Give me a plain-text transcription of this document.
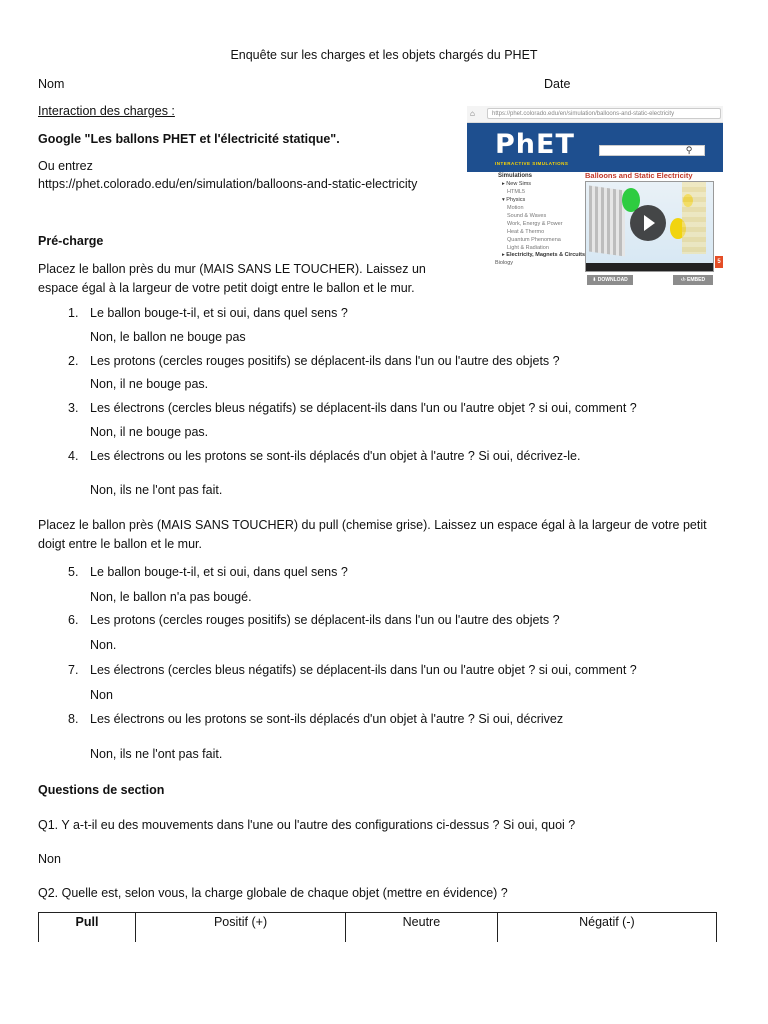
Enquête sur les charges et les objets chargés du PHET
Nom	Date
Interaction des charges :
Google "Les ballons PHET et l'électricité statique".
Ou entrez
https://phet.colorado.edu/en/simulation/balloons-and-static-electricity
Pré-charge
Placez le ballon près du mur (MAIS SANS LE TOUCHER). Laissez un espace égal à la largeur de votre petit doigt entre le ballon et le mur.
⌂	https://phet.colorado.edu/en/simulation/balloons-and-static-electricity
PhET
INTERACTIVE SIMULATIONS
⚲
Simulations
▸ New Sims
HTML5
▾ Physics
Motion
Sound & Waves
Work, Energy & Power
Heat & Thermo
Quantum Phenomena
Light & Radiation
▸ Electricity, Magnets & Circuits
Biology
Balloons and Static Electricity
5
⬇ DOWNLOAD	‹/› EMBED
1. Le ballon bouge-t-il, et si oui, dans quel sens ?
Non, le ballon ne bouge pas
2. Les protons (cercles rouges positifs) se déplacent-ils dans l'un ou l'autre des objets ?
Non, il ne bouge pas.
3. Les électrons (cercles bleus négatifs) se déplacent-ils dans l'un ou l'autre objet ? si oui, comment ?
Non, il ne bouge pas.
4. Les électrons ou les protons se sont-ils déplacés d'un objet à l'autre ? Si oui, décrivez-le.
Non, ils ne l'ont pas fait.
Placez le ballon près (MAIS SANS TOUCHER) du pull (chemise grise). Laissez un espace égal à la largeur de votre petit doigt entre le ballon et le mur.
5. Le ballon bouge-t-il, et si oui, dans quel sens ?
Non, le ballon n'a pas bougé.
6. Les protons (cercles rouges positifs) se déplacent-ils dans l'un ou l'autre des objets ?
Non.
7. Les électrons (cercles bleus négatifs) se déplacent-ils dans l'un ou l'autre objet ? si oui, comment ?
Non
8. Les électrons ou les protons se sont-ils déplacés d'un objet à l'autre ? Si oui, décrivez
Non, ils ne l'ont pas fait.
Questions de section
Q1. Y a-t-il eu des mouvements dans l'une ou l'autre des configurations ci-dessus ? Si oui, quoi ?
Non
Q2. Quelle est, selon vous, la charge globale de chaque objet (mettre en évidence) ?
Pull	Positif (+)	Neutre	Négatif (-)
